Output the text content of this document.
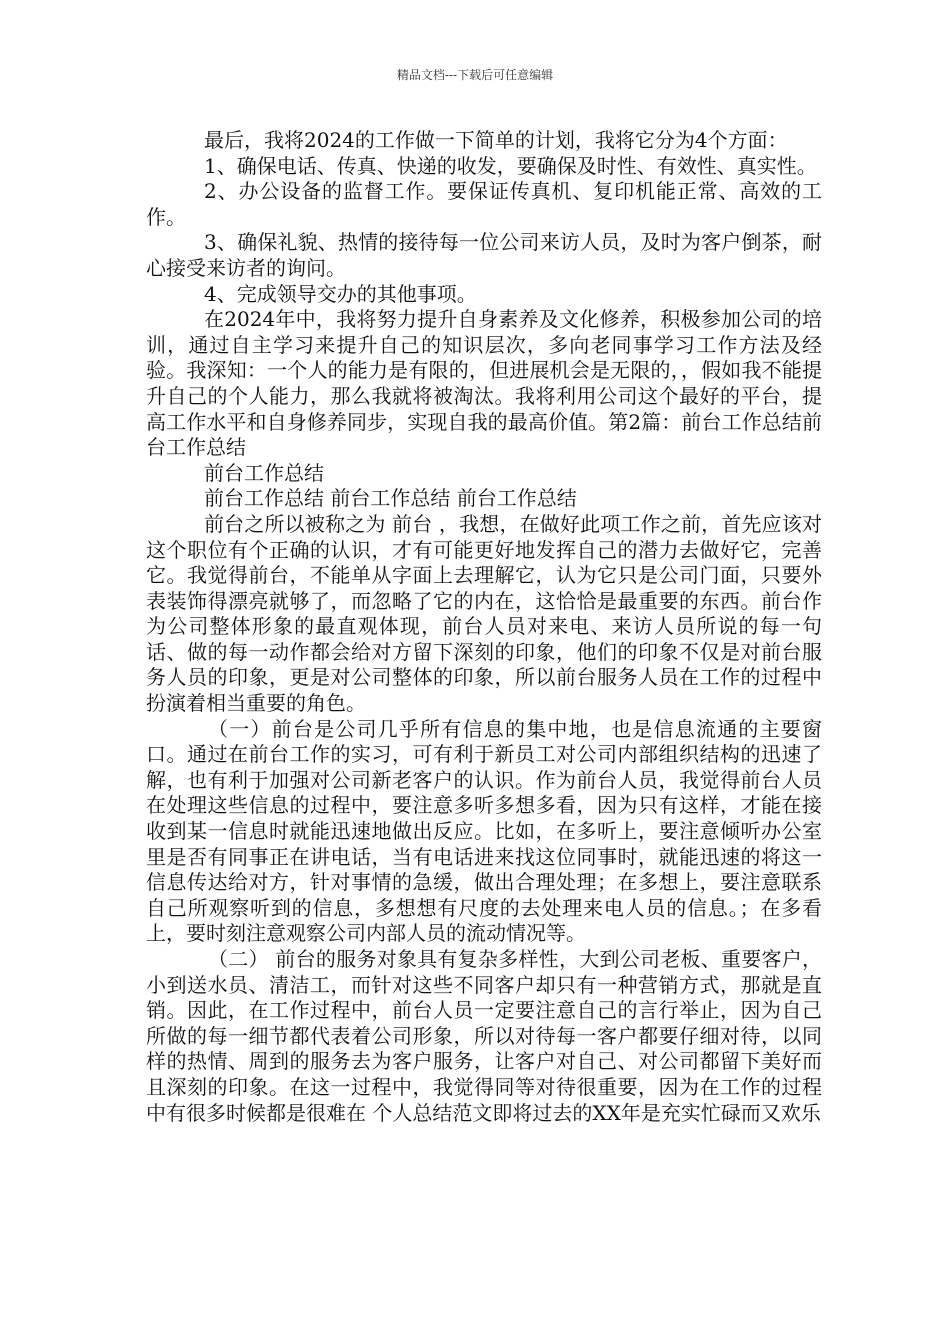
精品文档---下载后可任意编辑

最后，我将2024的工作做一下简单的计划，我将它分为4个方面：

1、确保电话、传真、快递的收发，要确保及时性、有效性、真实性。

2、办公设备的监督工作。要保证传真机、复印机能正常、高效的工作。

3、确保礼貌、热情的接待每一位公司来访人员，及时为客户倒茶，耐心接受来访者的询问。

4、完成领导交办的其他事项。

在2024年中，我将努力提升自身素养及文化修养，积极参加公司的培训，通过自主学习来提升自己的知识层次，多向老同事学习工作方法及经验。我深知：一个人的能力是有限的，但进展机会是无限的，，假如我不能提升自己的个人能力，那么我就将被淘汰。我将利用公司这个最好的平台，提高工作水平和自身修养同步，实现自我的最高价值。第2篇：前台工作总结前台工作总结

前台工作总结

前台工作总结 前台工作总结 前台工作总结

前台之所以被称之为 前台 ，我想，在做好此项工作之前，首先应该对这个职位有个正确的认识，才有可能更好地发挥自己的潜力去做好它，完善它。我觉得前台，不能单从字面上去理解它，认为它只是公司门面，只要外表装饰得漂亮就够了，而忽略了它的内在，这恰恰是最重要的东西。前台作为公司整体形象的最直观体现，前台人员对来电、来访人员所说的每一句话、做的每一动作都会给对方留下深刻的印象，他们的印象不仅是对前台服务人员的印象，更是对公司整体的印象，所以前台服务人员在工作的过程中扮演着相当重要的角色。

（一）前台是公司几乎所有信息的集中地，也是信息流通的主要窗口。通过在前台工作的实习，可有利于新员工对公司内部组织结构的迅速了解，也有利于加强对公司新老客户的认识。作为前台人员，我觉得前台人员在处理这些信息的过程中，要注意多听多想多看，因为只有这样，才能在接收到某一信息时就能迅速地做出反应。比如，在多听上，要注意倾听办公室里是否有同事正在讲电话，当有电话进来找这位同事时，就能迅速的将这一信息传达给对方，针对事情的急缓，做出合理处理；在多想上，要注意联系自己所观察听到的信息，多想想有尺度的去处理来电人员的信息。；在多看上，要时刻注意观察公司内部人员的流动情况等。

（二） 前台的服务对象具有复杂多样性，大到公司老板、重要客户，小到送水员、清洁工，而针对这些不同客户却只有一种营销方式，那就是直销。因此，在工作过程中，前台人员一定要注意自己的言行举止，因为自己所做的每一细节都代表着公司形象，所以对待每一客户都要仔细对待，以同样的热情、周到的服务去为客户服务，让客户对自己、对公司都留下美好而且深刻的印象。在这一过程中，我觉得同等对待很重要，因为在工作的过程中有很多时候都是很难在 个人总结范文即将过去的XX年是充实忙碌而又欢乐
